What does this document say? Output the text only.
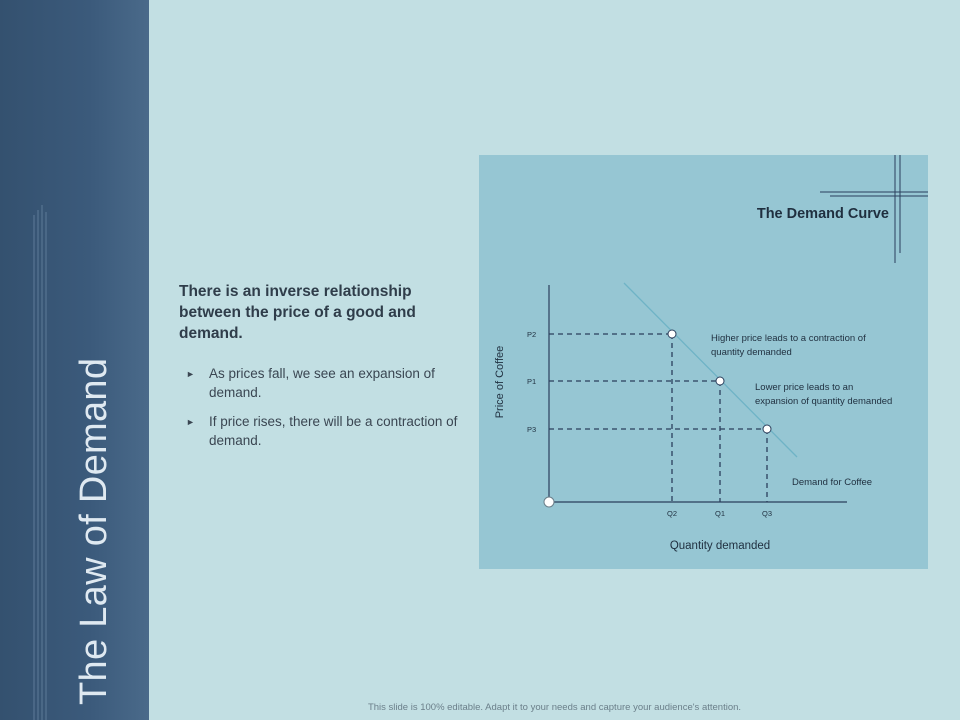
The Law of Demand
There is an inverse relationship between the price of a good and demand.
► As prices fall, we see an expansion of demand.
► If price rises, there will be a contraction of demand.
The Demand Curve
P2
P1
P3
Q2	Q1	Q3
Price of Coffee
Quantity demanded
Higher price leads to a contraction of
quantity demanded
Lower price leads to an
expansion of quantity demanded
Demand for Coffee
This slide is 100% editable. Adapt it to your needs and capture your audience's attention.
